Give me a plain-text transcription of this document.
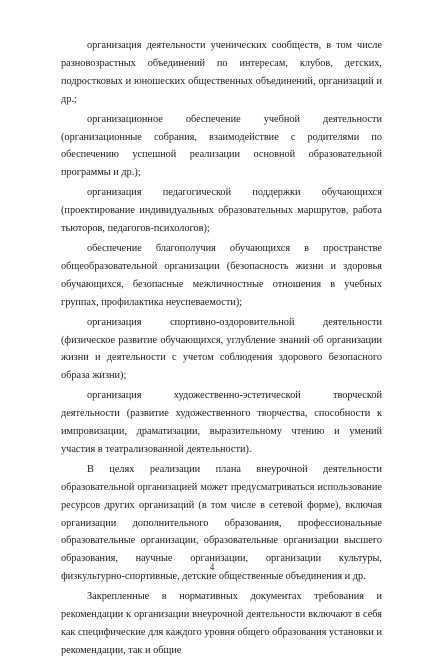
организация деятельности ученических сообществ, в том числе разновозрастных объединений по интересам, клубов, детских, подростковых и юношеских общественных объединений, организаций и др.;

организационное обеспечение учебной деятельности (организационные собрания, взаимодействие с родителями по обеспечению успешной реализации основной образовательной программы и др.);

организация педагогической поддержки обучающихся (проектирование индивидуальных образовательных маршрутов, работа тьюторов, педагогов-психологов);

обеспечение благополучия обучающихся в пространстве общеобразовательной организации (безопасность жизни и здоровья обучающихся, безопасные межличностные отношения в учебных группах, профилактика неуспеваемости);

организация спортивно-оздоровительной деятельности (физическое развитие обучающихся, углубление знаний об организации жизни и деятельности с учетом соблюдения здорового безопасного образа жизни);

организация художественно-эстетической творческой деятельности (развитие художественного творчества, способности к импровизации, драматизации, выразительному чтению и умений участия в театрализованной деятельности).

В целях реализации плана внеурочной деятельности образовательной организацией может предусматриваться использование ресурсов других организаций (в том числе в сетевой форме), включая организации дополнительного образования, профессиональные образовательные организации, образовательные организации высшего образования, научные организации, организации культуры, физкультурно-спортивные, детские общественные объединения и др.

Закрепленные в нормативных документах требования и рекомендации к организации внеурочной деятельности включают в себя как специфические для каждого уровня общего образования установки и рекомендации, так и общие

4
